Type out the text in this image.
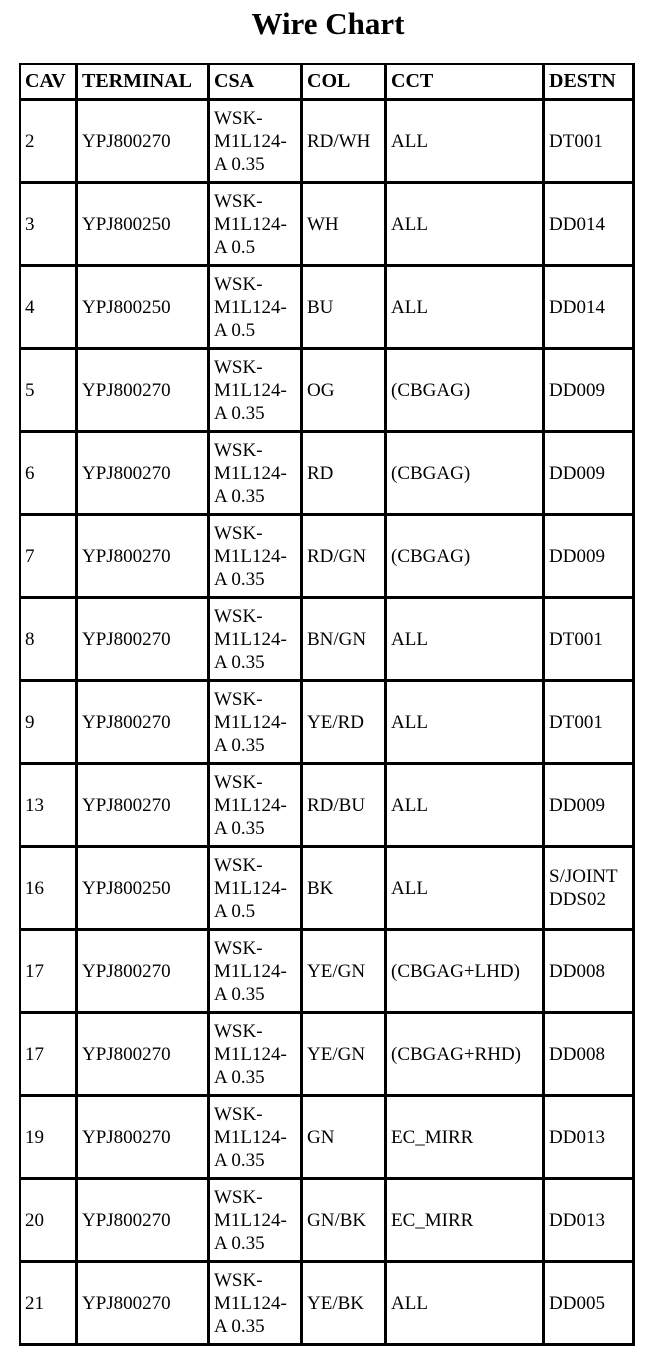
Wire Chart
CAV	TERMINAL	CSA	COL	CCT	DESTN
2	YPJ800270	WSK-
M1L124-
A 0.35	RD/WH	ALL	DT001

3	YPJ800250	WSK-
M1L124-
A 0.5	WH	ALL	DD014

4	YPJ800250	WSK-
M1L124-
A 0.5	BU	ALL	DD014

5	YPJ800270	WSK-
M1L124-
A 0.35	OG	(CBGAG)	DD009

6	YPJ800270	WSK-
M1L124-
A 0.35	RD	(CBGAG)	DD009

7	YPJ800270	WSK-
M1L124-
A 0.35	RD/GN	(CBGAG)	DD009

8	YPJ800270	WSK-
M1L124-
A 0.35	BN/GN	ALL	DT001

9	YPJ800270	WSK-
M1L124-
A 0.35	YE/RD	ALL	DT001

13	YPJ800270	WSK-
M1L124-
A 0.35	RD/BU	ALL	DD009

16	YPJ800250	WSK-
M1L124-
A 0.5	BK	ALL	S/JOINT
DDS02

17	YPJ800270	WSK-
M1L124-
A 0.35	YE/GN	(CBGAG+LHD)	DD008

17	YPJ800270	WSK-
M1L124-
A 0.35	YE/GN	(CBGAG+RHD)	DD008

19	YPJ800270	WSK-
M1L124-
A 0.35	GN	EC_MIRR	DD013

20	YPJ800270	WSK-
M1L124-
A 0.35	GN/BK	EC_MIRR	DD013

21	YPJ800270	WSK-
M1L124-
A 0.35	YE/BK	ALL	DD005
